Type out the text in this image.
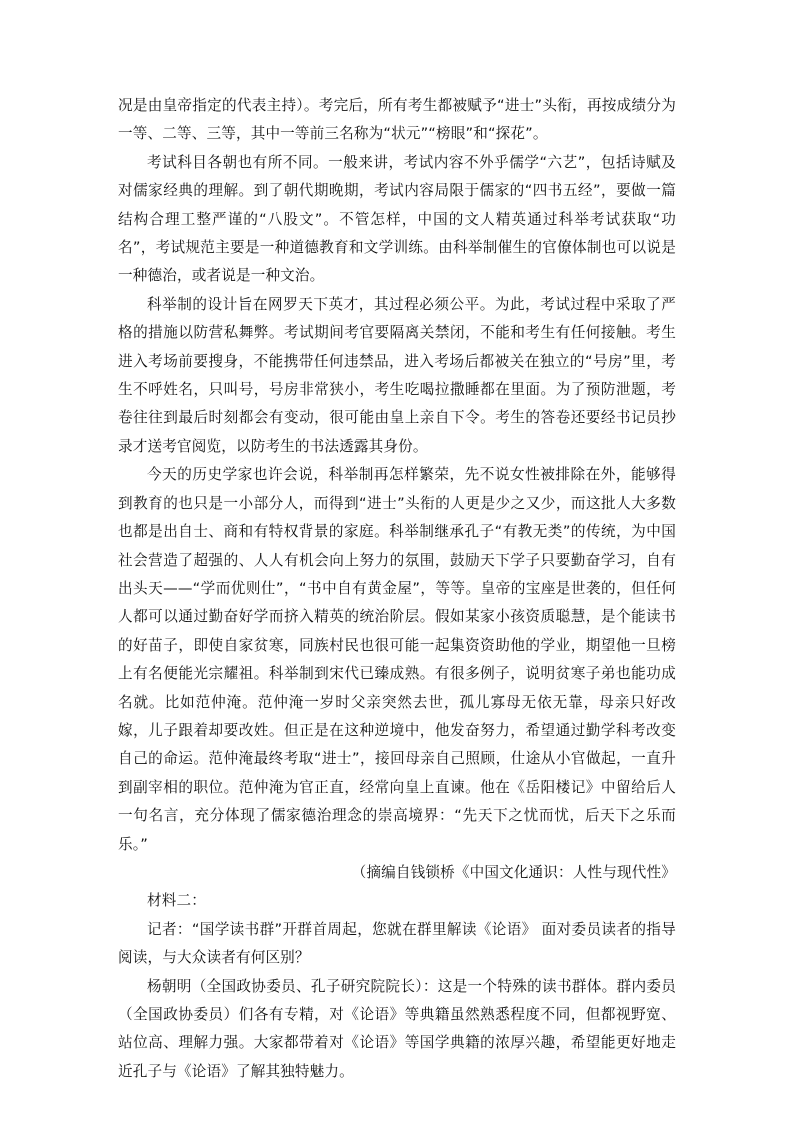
况是由皇帝指定的代表主持）。考完后，所有考生都被赋予“进士”头衔，再按成绩分为一等、二等、三等，其中一等前三名称为“状元”“榜眼”和“探花”。

考试科目各朝也有所不同。一般来讲，考试内容不外乎儒学“六艺”，包括诗赋及对儒家经典的理解。到了朝代期晚期，考试内容局限于儒家的“四书五经”，要做一篇结构合理工整严谨的“八股文”。不管怎样，中国的文人精英通过科举考试获取“功名”，考试规范主要是一种道德教育和文学训练。由科举制催生的官僚体制也可以说是一种德治，或者说是一种文治。

科举制的设计旨在网罗天下英才，其过程必须公平。为此，考试过程中采取了严格的措施以防营私舞弊。考试期间考官要隔离关禁闭，不能和考生有任何接触。考生进入考场前要搜身，不能携带任何违禁品，进入考场后都被关在独立的“号房”里，考生不呼姓名，只叫号，号房非常狭小，考生吃喝拉撒睡都在里面。为了预防泄题，考卷往往到最后时刻都会有变动，很可能由皇上亲自下令。考生的答卷还要经书记员抄录才送考官阅览，以防考生的书法透露其身份。

今天的历史学家也许会说，科举制再怎样繁荣，先不说女性被排除在外，能够得到教育的也只是一小部分人，而得到“进士”头衔的人更是少之又少，而这批人大多数也都是出自士、商和有特权背景的家庭。科举制继承孔子“有教无类”的传统，为中国社会营造了超强的、人人有机会向上努力的氛围，鼓励天下学子只要勤奋学习，自有出头天——“学而优则仕”，“书中自有黄金屋”，等等。皇帝的宝座是世袭的，但任何人都可以通过勤奋好学而挤入精英的统治阶层。假如某家小孩资质聪慧，是个能读书的好苗子，即使自家贫寒，同族村民也很可能一起集资资助他的学业，期望他一旦榜上有名便能光宗耀祖。科举制到宋代已臻成熟。有很多例子，说明贫寒子弟也能功成名就。比如范仲淹。范仲淹一岁时父亲突然去世，孤儿寡母无依无靠，母亲只好改嫁，儿子跟着却要改姓。但正是在这种逆境中，他发奋努力，希望通过勤学科考改变自己的命运。范仲淹最终考取“进士”，接回母亲自己照顾，仕途从小官做起，一直升到副宰相的职位。范仲淹为官正直，经常向皇上直谏。他在《岳阳楼记》中留给后人一句名言，充分体现了儒家德治理念的崇高境界：“先天下之忧而忧，后天下之乐而乐。”

（摘编自钱锁桥《中国文化通识：人性与现代性》

材料二：

记者：“国学读书群”开群首周起，您就在群里解读《论语》 面对委员读者的指导阅读，与大众读者有何区别？

杨朝明（全国政协委员、孔子研究院院长）：这是一个特殊的读书群体。群内委员（全国政协委员）们各有专精，对《论语》等典籍虽然熟悉程度不同，但都视野宽、站位高、理解力强。大家都带着对《论语》等国学典籍的浓厚兴趣，希望能更好地走近孔子与《论语》了解其独特魅力。
